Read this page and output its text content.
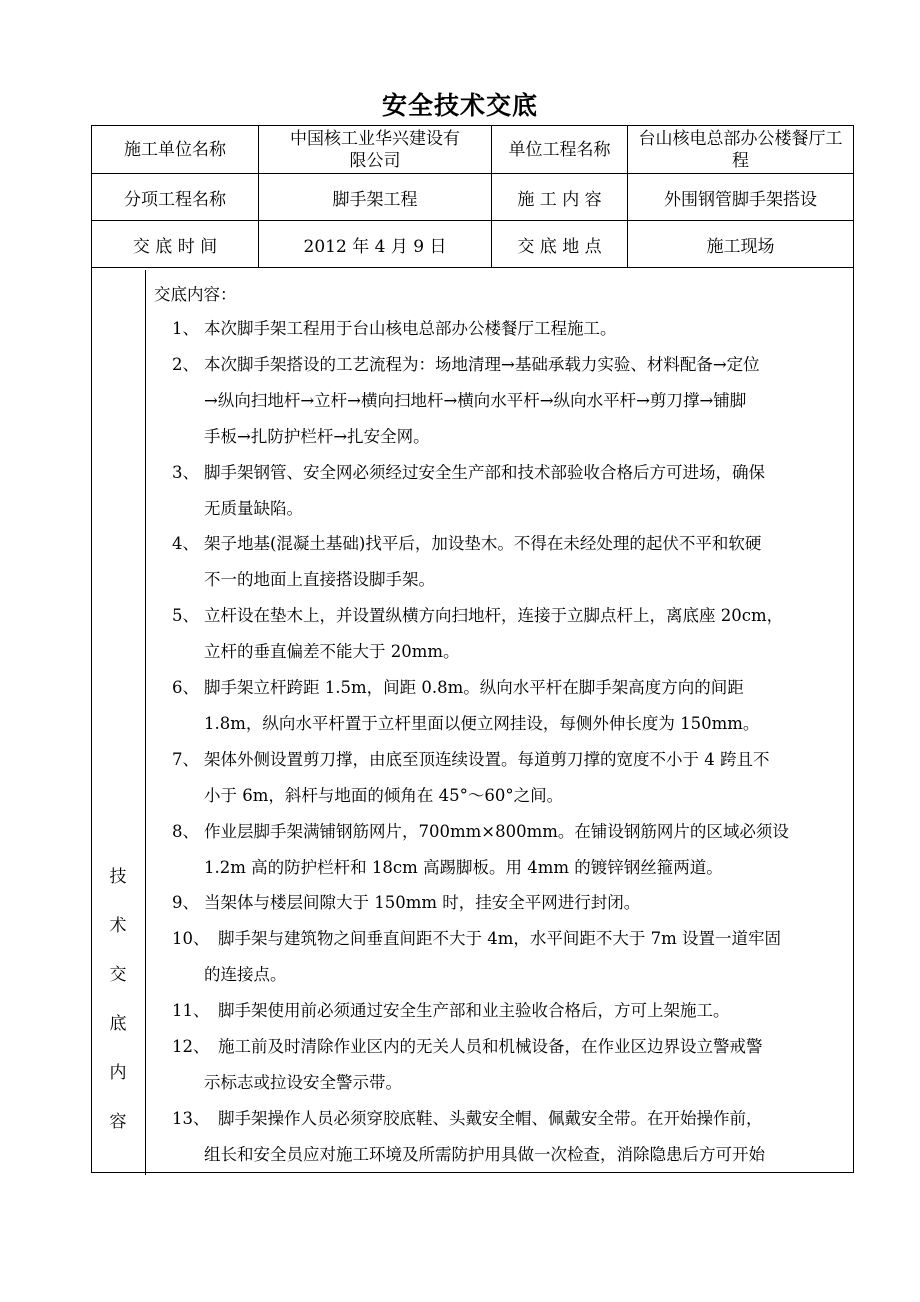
安全技术交底
施工单位名称	中国核工业华兴建设有限公司	单位工程名称	台山核电总部办公楼餐厅工程

分项工程名称	脚手架工程	施 工 内 容	外围钢管脚手架搭设
交 底 时 间	2012 年 4 月 9 日	交 底 地 点	施工现场

技
术
交
底
内
容
交底内容：
1、 本次脚手架工程用于台山核电总部办公楼餐厅工程施工。
2、 本次脚手架搭设的工艺流程为：场地清理→基础承载力实验、材料配备→定位
→纵向扫地杆→立杆→横向扫地杆→横向水平杆→纵向水平杆→剪刀撑→铺脚
手板→扎防护栏杆→扎安全网。
3、 脚手架钢管、安全网必须经过安全生产部和技术部验收合格后方可进场，确保
无质量缺陷。
4、 架子地基(混凝土基础)找平后，加设垫木。不得在未经处理的起伏不平和软硬
不一的地面上直接搭设脚手架。
5、 立杆设在垫木上，并设置纵横方向扫地杆，连接于立脚点杆上，离底座 20cm，
立杆的垂直偏差不能大于 20mm。
6、 脚手架立杆跨距 1.5m，间距 0.8m。纵向水平杆在脚手架高度方向的间距
1.8m，纵向水平杆置于立杆里面以便立网挂设，每侧外伸长度为 150mm。
7、 架体外侧设置剪刀撑，由底至顶连续设置。每道剪刀撑的宽度不小于 4 跨且不
小于 6m，斜杆与地面的倾角在 45°～60°之间。
8、 作业层脚手架满铺钢筋网片，700mm×800mm。在铺设钢筋网片的区域必须设
1.2m 高的防护栏杆和 18cm 高踢脚板。用 4mm 的镀锌钢丝箍两道。
9、 当架体与楼层间隙大于 150mm 时，挂安全平网进行封闭。
10、 脚手架与建筑物之间垂直间距不大于 4m，水平间距不大于 7m 设置一道牢固
的连接点。
11、 脚手架使用前必须通过安全生产部和业主验收合格后，方可上架施工。
12、 施工前及时清除作业区内的无关人员和机械设备，在作业区边界设立警戒警
示标志或拉设安全警示带。
13、 脚手架操作人员必须穿胶底鞋、头戴安全帽、佩戴安全带。在开始操作前，
组长和安全员应对施工环境及所需防护用具做一次检查，消除隐患后方可开始
